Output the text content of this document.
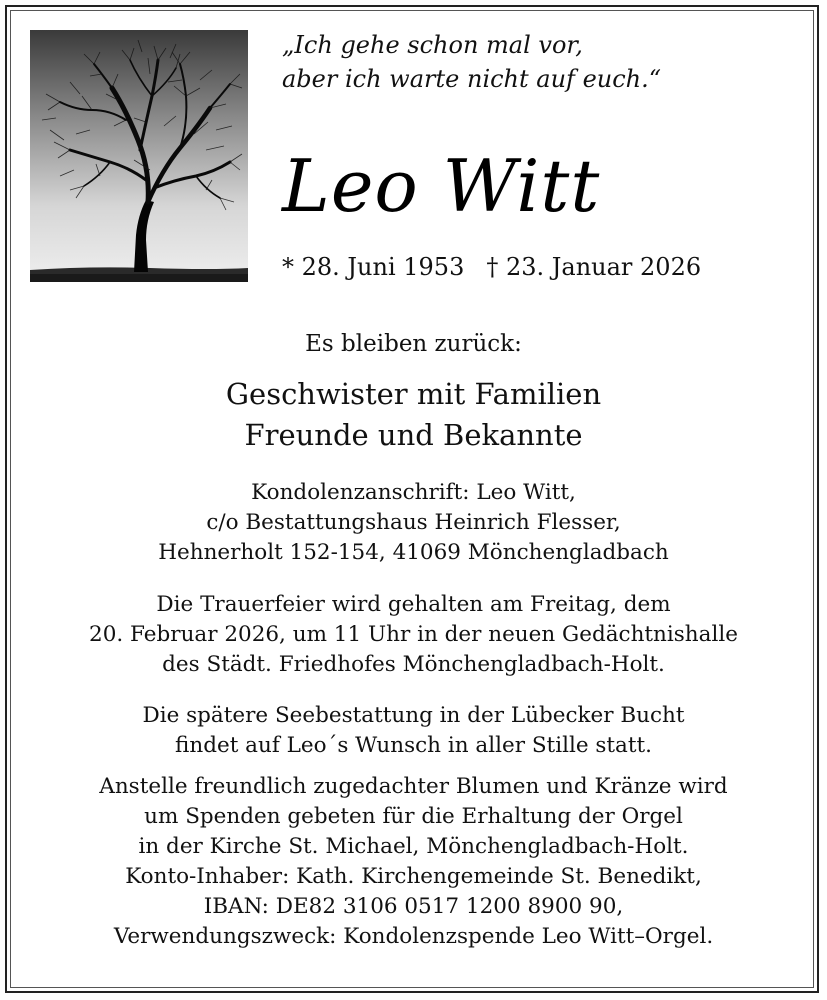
„Ich gehe schon mal vor,
aber ich warte nicht auf euch.“
Leo Witt
* 28. Juni 1953 † 23. Januar 2026
Es bleiben zurück:
Geschwister mit Familien
Freunde und Bekannte
Kondolenzanschrift: Leo Witt,
c/o Bestattungshaus Heinrich Flesser,
Hehnerholt 152-154, 41069 Mönchengladbach
Die Trauerfeier wird gehalten am Freitag, dem
20. Februar 2026, um 11 Uhr in der neuen Gedächtnishalle
des Städt. Friedhofes Mönchengladbach-Holt.
Die spätere Seebestattung in der Lübecker Bucht
findet auf Leo´s Wunsch in aller Stille statt.
Anstelle freundlich zugedachter Blumen und Kränze wird
um Spenden gebeten für die Erhaltung der Orgel
in der Kirche St. Michael, Mönchengladbach-Holt.
Konto-Inhaber: Kath. Kirchengemeinde St. Benedikt,
IBAN: DE82 3106 0517 1200 8900 90,
Verwendungszweck: Kondolenzspende Leo Witt–Orgel.
